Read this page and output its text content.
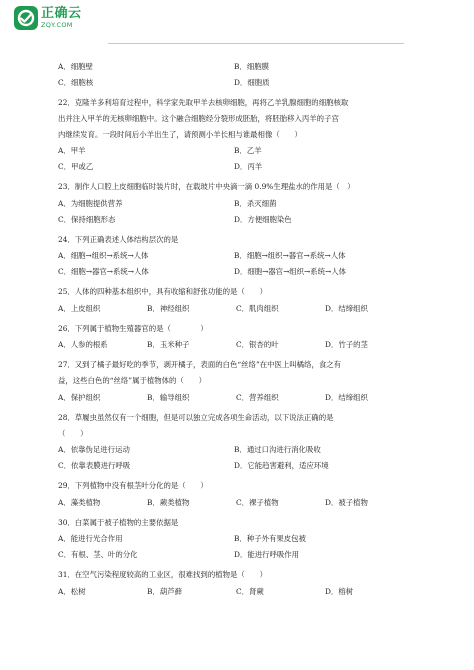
正确云
ZQY.COM
A．细胞壁	B．细胞膜
C．细胞核	D．细胞质
22．克隆羊多利培育过程中，科学家先取甲羊去核卵细胞，再将乙羊乳腺细胞的细胞核取
出并注入甲羊的无核卵细胞中。这个融合细胞经分裂形成胚胎，将胚胎移入丙羊的子宫
内继续发育。一段时间后小羊出生了，请预测小羊长相与谁最相像（　　）
A．甲羊	B．乙羊
C．甲或乙	D．丙羊
23．制作人口腔上皮细胞临时装片时，在载玻片中央滴一滴 0.9%生理盐水的作用是（　）
A．为细胞提供营养	B．杀灭细菌
C．保持细胞形态	D．方便细胞染色
24．下列正确表述人体结构层次的是
A．细胞→组织→系统→人体	B．细胞→组织→器官→系统→人体
C．细胞→器官→系统→人体	D．细胞→器官→组织→系统→人体
25．人体的四种基本组织中，具有收缩和舒张功能的是（　　）
A．上皮组织	B．神经组织	C．肌肉组织	D．结缔组织
26．下列属于植物生殖器官的是（　　　　）
A．人参的根系	B．玉米种子	C．银杏的叶	D．竹子的茎
27．又到了橘子最好吃的季节，剥开橘子，表面的白色“丝络”在中医上叫橘络，食之有
益，这些白色的“丝络”属于植物体的（　　）
A．保护组织	B．输导组织	C．营养组织	D．结缔组织
28．草履虫虽然仅有一个细胞，但是可以独立完成各项生命活动，以下说法正确的是
（　　）
A．依靠伪足进行运动	B．通过口沟进行消化吸收
C．依靠表膜进行呼吸	D．它能趋害避利，适应环境
29．下列植物中没有根茎叶分化的是（　　）
A．藻类植物	B．蕨类植物	C．裸子植物	D．被子植物
30．白菜属于被子植物的主要依据是
A．能进行光合作用	B．种子外有果皮包被
C．有根、茎、叶的分化	D．能进行呼吸作用
31．在空气污染程度较高的工业区，很难找到的植物是（　　）
A．松树	B．葫芦藓	C．肾蕨	D．榕树
